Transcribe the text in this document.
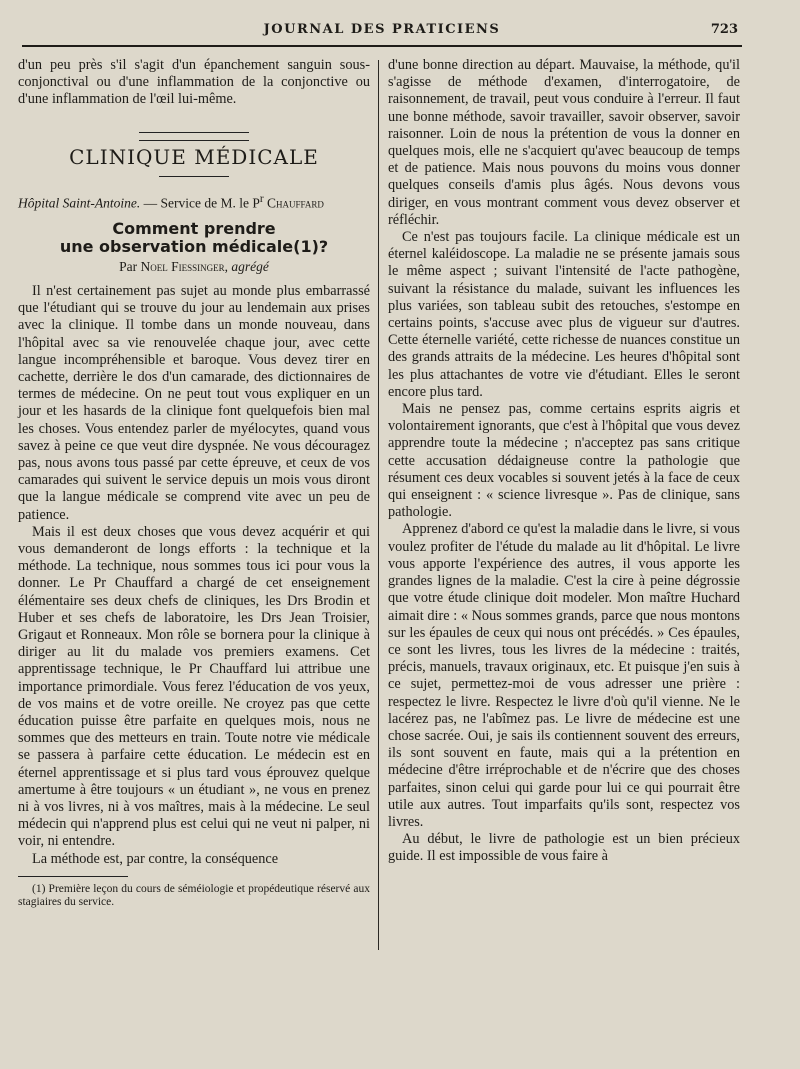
JOURNAL DES PRATICIENS	723

d'un peu près s'il s'agit d'un épanchement sanguin sous-conjonctival ou d'une inflammation de la conjonctive ou d'une inflammation de l'œil lui-même.

CLINIQUE MÉDICALE
Hôpital Saint-Antoine. — Service de M. le $P^r$ Chauffard
Comment prendre
une observation médicale(1)?
Par Noel Fiessinger, agrégé

Il n'est certainement pas sujet au monde plus embarrassé que l'étudiant qui se trouve du jour au lendemain aux prises avec la clinique. Il tombe dans un monde nouveau, dans l'hôpital avec sa vie renouvelée chaque jour, avec cette langue incompréhensible et baroque. Vous devez tirer en cachette, derrière le dos d'un camarade, des dictionnaires de termes de médecine. On ne peut tout vous expliquer en un jour et les hasards de la clinique font quelquefois bien mal les choses. Vous entendez parler de myélocytes, quand vous savez à peine ce que veut dire dyspnée. Ne vous découragez pas, nous avons tous passé par cette épreuve, et ceux de vos camarades qui suivent le service depuis un mois vous diront que la langue médicale se comprend vite avec un peu de patience.

Mais il est deux choses que vous devez acquérir et qui vous demanderont de longs efforts : la technique et la méthode. La technique, nous sommes tous ici pour vous la donner. Le Pr Chauffard a chargé de cet enseignement élémentaire ses deux chefs de cliniques, les Drs Brodin et Huber et ses chefs de laboratoire, les Drs Jean Troisier, Grigaut et Ronneaux. Mon rôle se bornera pour la clinique à diriger au lit du malade vos premiers examens. Cet apprentissage technique, le Pr Chauffard lui attribue une importance primordiale. Vous ferez l'éducation de vos yeux, de vos mains et de votre oreille. Ne croyez pas que cette éducation puisse être parfaite en quelques mois, nous ne sommes que des metteurs en train. Toute notre vie médicale se passera à parfaire cette éducation. Le médecin est en éternel apprentissage et si plus tard vous éprouvez quelque amertume à être toujours « un étudiant », ne vous en prenez ni à vos livres, ni à vos maîtres, mais à la médecine. Le seul médecin qui n'apprend plus est celui qui ne veut ni palper, ni voir, ni entendre.

La méthode est, par contre, la conséquence

(1) Première leçon du cours de séméiologie et propédeutique réservé aux stagiaires du service.

d'une bonne direction au départ. Mauvaise, la méthode, qu'il s'agisse de méthode d'examen, d'interrogatoire, de raisonnement, de travail, peut vous conduire à l'erreur. Il faut une bonne méthode, savoir travailler, savoir observer, savoir raisonner. Loin de nous la prétention de vous la donner en quelques mois, elle ne s'acquiert qu'avec beaucoup de temps et de patience. Mais nous pouvons du moins vous donner quelques conseils d'amis plus âgés. Nous devons vous diriger, en vous montrant comment vous devez observer et réfléchir.

Ce n'est pas toujours facile. La clinique médicale est un éternel kaléidoscope. La maladie ne se présente jamais sous le même aspect ; suivant l'intensité de l'acte pathogène, suivant la résistance du malade, suivant les influences les plus variées, son tableau subit des retouches, s'estompe en certains points, s'accuse avec plus de vigueur sur d'autres. Cette éternelle variété, cette richesse de nuances constitue un des grands attraits de la médecine. Les heures d'hôpital sont les plus attachantes de votre vie d'étudiant. Elles le seront encore plus tard.

Mais ne pensez pas, comme certains esprits aigris et volontairement ignorants, que c'est à l'hôpital que vous devez apprendre toute la médecine ; n'acceptez pas sans critique cette accusation dédaigneuse contre la pathologie que résument ces deux vocables si souvent jetés à la face de ceux qui enseignent : « science livresque ». Pas de clinique, sans pathologie.

Apprenez d'abord ce qu'est la maladie dans le livre, si vous voulez profiter de l'étude du malade au lit d'hôpital. Le livre vous apporte l'expérience des autres, il vous apporte les grandes lignes de la maladie. C'est la cire à peine dégrossie que votre étude clinique doit modeler. Mon maître Huchard aimait dire : « Nous sommes grands, parce que nous montons sur les épaules de ceux qui nous ont précédés. » Ces épaules, ce sont les livres, tous les livres de la médecine : traités, précis, manuels, travaux originaux, etc. Et puisque j'en suis à ce sujet, permettez-moi de vous adresser une prière : respectez le livre. Respectez le livre d'où qu'il vienne. Ne le lacérez pas, ne l'abîmez pas. Le livre de médecine est une chose sacrée. Oui, je sais ils contiennent souvent des erreurs, ils sont souvent en faute, mais qui a la prétention en médecine d'être irréprochable et de n'écrire que des choses parfaites, sinon celui qui garde pour lui ce qui pourrait être utile aux autres. Tout imparfaits qu'ils sont, respectez vos livres.

Au début, le livre de pathologie est un bien précieux guide. Il est impossible de vous faire à
